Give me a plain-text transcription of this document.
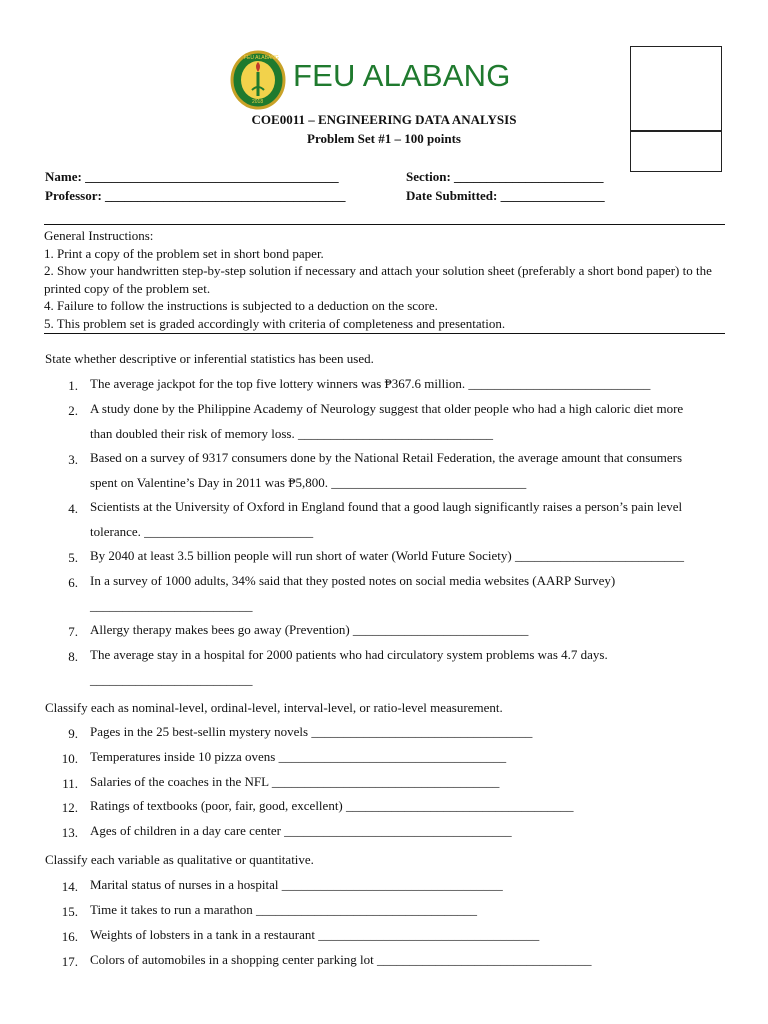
FEU ALABANG
2018
FEU ALABANG
COE0011 – ENGINEERING DATA ANALYSIS
Problem Set #1 – 100 points
Name: _______________________________________	Section: _______________________
Professor: _____________________________________	Date Submitted: ________________
General Instructions:
1. Print a copy of the problem set in short bond paper.
2. Show your handwritten step-by-step solution if necessary and attach your solution sheet (preferably a short bond paper) to the printed copy of the problem set.
4. Failure to follow the instructions is subjected to a deduction on the score.
5. This problem set is graded accordingly with criteria of completeness and presentation.
State whether descriptive or inferential statistics has been used.
1. The average jackpot for the top five lottery winners was ₱367.6 million. ____________________________
2. A study done by the Philippine Academy of Neurology suggest that older people who had a high caloric diet more
than doubled their risk of memory loss. ______________________________
3. Based on a survey of 9317 consumers done by the National Retail Federation, the average amount that consumers
spent on Valentine’s Day in 2011 was ₱5,800. ______________________________
4. Scientists at the University of Oxford in England found that a good laugh significantly raises a person’s pain level
tolerance. __________________________
5. By 2040 at least 3.5 billion people will run short of water (World Future Society) __________________________
6. In a survey of 1000 adults, 34% said that they posted notes on social media websites (AARP Survey)
_________________________
7. Allergy therapy makes bees go away (Prevention) ___________________________
8. The average stay in a hospital for 2000 patients who had circulatory system problems was 4.7 days.
_________________________
Classify each as nominal-level, ordinal-level, interval-level, or ratio-level measurement.
9. Pages in the 25 best-sellin mystery novels __________________________________
10. Temperatures inside 10 pizza ovens ___________________________________
11. Salaries of the coaches in the NFL ___________________________________
12. Ratings of textbooks (poor, fair, good, excellent) ___________________________________
13. Ages of children in a day care center ___________________________________
Classify each variable as qualitative or quantitative.
14. Marital status of nurses in a hospital __________________________________
15. Time it takes to run a marathon __________________________________
16. Weights of lobsters in a tank in a restaurant __________________________________
17. Colors of automobiles in a shopping center parking lot _________________________________
